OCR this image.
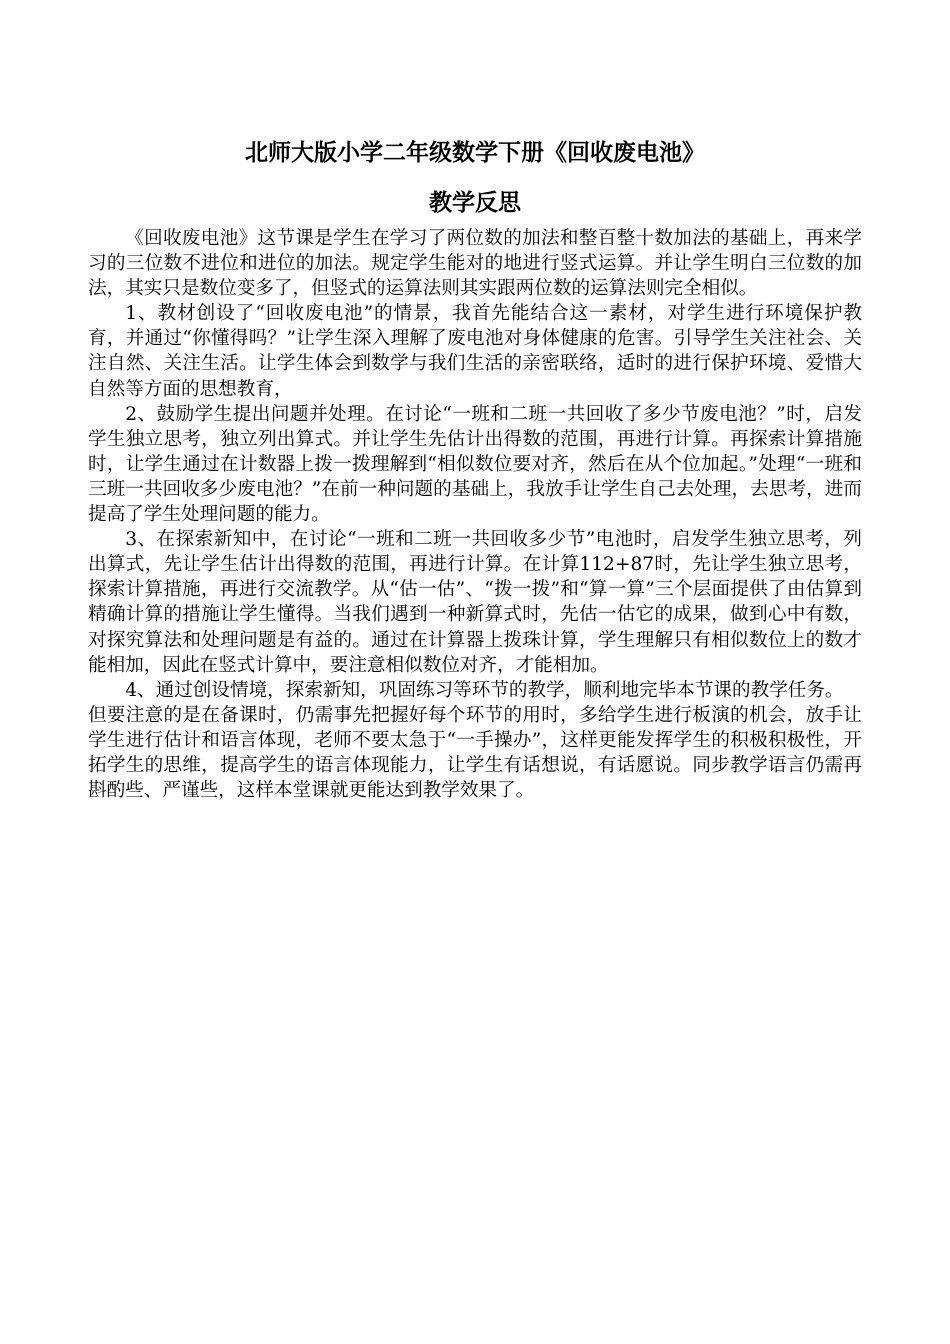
北师大版小学二年级数学下册《回收废电池》
教学反思

《回收废电池》这节课是学生在学习了两位数的加法和整百整十数加法的基础上，再来学习的三位数不进位和进位的加法。规定学生能对的地进行竖式运算。并让学生明白三位数的加法，其实只是数位变多了，但竖式的运算法则其实跟两位数的运算法则完全相似。

1、教材创设了“回收废电池”的情景，我首先能结合这一素材，对学生进行环境保护教育，并通过“你懂得吗？”让学生深入理解了废电池对身体健康的危害。引导学生关注社会、关注自然、关注生活。让学生体会到数学与我们生活的亲密联络，适时的进行保护环境、爱惜大自然等方面的思想教育，

2、鼓励学生提出问题并处理。在讨论“一班和二班一共回收了多少节废电池？”时，启发学生独立思考，独立列出算式。并让学生先估计出得数的范围，再进行计算。再探索计算措施时，让学生通过在计数器上拨一拨理解到“相似数位要对齐，然后在从个位加起。”处理“一班和三班一共回收多少废电池？”在前一种问题的基础上，我放手让学生自己去处理，去思考，进而提高了学生处理问题的能力。

3、在探索新知中，在讨论“一班和二班一共回收多少节”电池时，启发学生独立思考，列出算式，先让学生估计出得数的范围，再进行计算。在计算112+87时，先让学生独立思考，探索计算措施，再进行交流教学。从“估一估”、“拨一拨”和“算一算”三个层面提供了由估算到精确计算的措施让学生懂得。当我们遇到一种新算式时，先估一估它的成果，做到心中有数，对探究算法和处理问题是有益的。通过在计算器上拨珠计算，学生理解只有相似数位上的数才能相加，因此在竖式计算中，要注意相似数位对齐，才能相加。

4、通过创设情境，探索新知，巩固练习等环节的教学，顺利地完毕本节课的教学任务。

但要注意的是在备课时，仍需事先把握好每个环节的用时，多给学生进行板演的机会，放手让学生进行估计和语言体现，老师不要太急于“一手操办”，这样更能发挥学生的积极积极性，开拓学生的思维，提高学生的语言体现能力，让学生有话想说，有话愿说。同步教学语言仍需再斟酌些、严谨些，这样本堂课就更能达到教学效果了。
